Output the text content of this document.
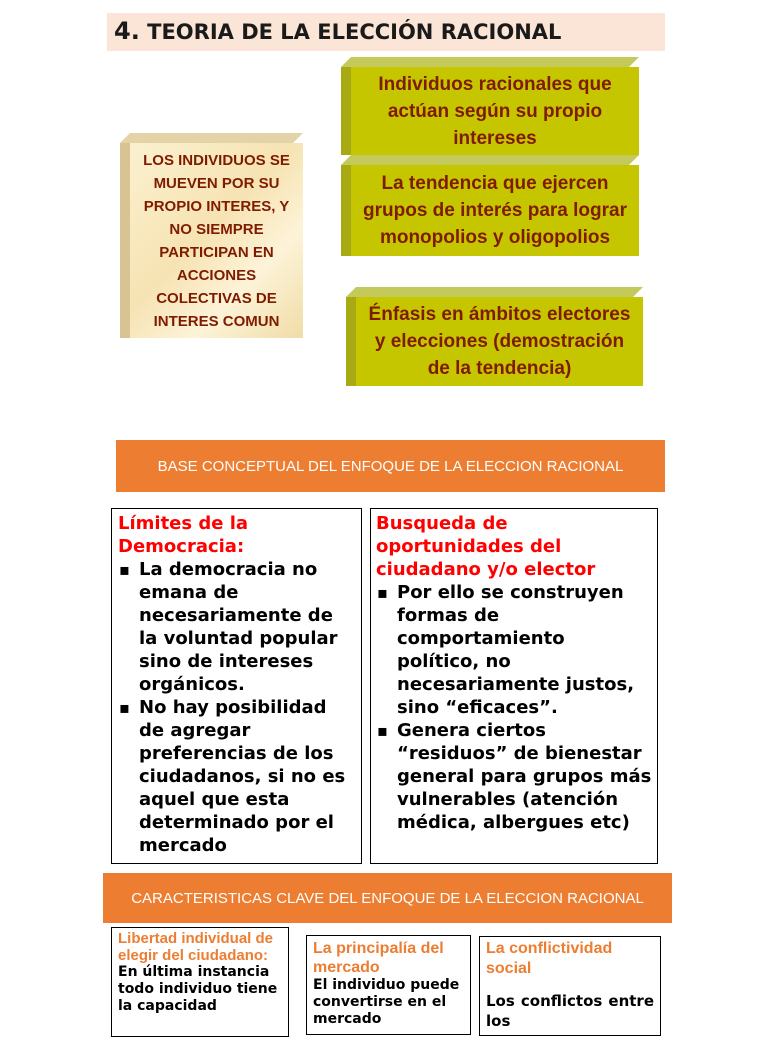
4. TEORIA DE LA ELECCIÓN RACIONAL
LOS INDIVIDUOS SE MUEVEN POR SU PROPIO INTERES, Y NO SIEMPRE PARTICIPAN EN ACCIONES COLECTIVAS DE INTERES COMUN
Individuos racionales que actúan según su propio intereses
La tendencia que ejercen grupos de interés para lograr monopolios y oligopolios
Énfasis en ámbitos electores y elecciones (demostración de la tendencia)
BASE CONCEPTUAL DEL ENFOQUE DE LA ELECCION RACIONAL
Límites de la Democracia:
▪ La democracia no emana de necesariamente de la voluntad popular sino de intereses orgánicos.
▪ No hay posibilidad de agregar preferencias de los ciudadanos, si no es aquel que esta determinado por el mercado
Busqueda de oportunidades del ciudadano y/o elector
▪ Por ello se construyen formas de comportamiento político, no necesariamente justos, sino “eficaces”.
▪ Genera ciertos “residuos” de bienestar general para grupos más vulnerables (atención médica, albergues etc)
CARACTERISTICAS CLAVE DEL ENFOQUE DE LA ELECCION RACIONAL
Libertad individual de elegir del ciudadano:
En última instancia todo individuo tiene la capacidad
La principalía del mercado
El individuo puede convertirse en el mercado
La conflictividad social
Los conflictos entre los
